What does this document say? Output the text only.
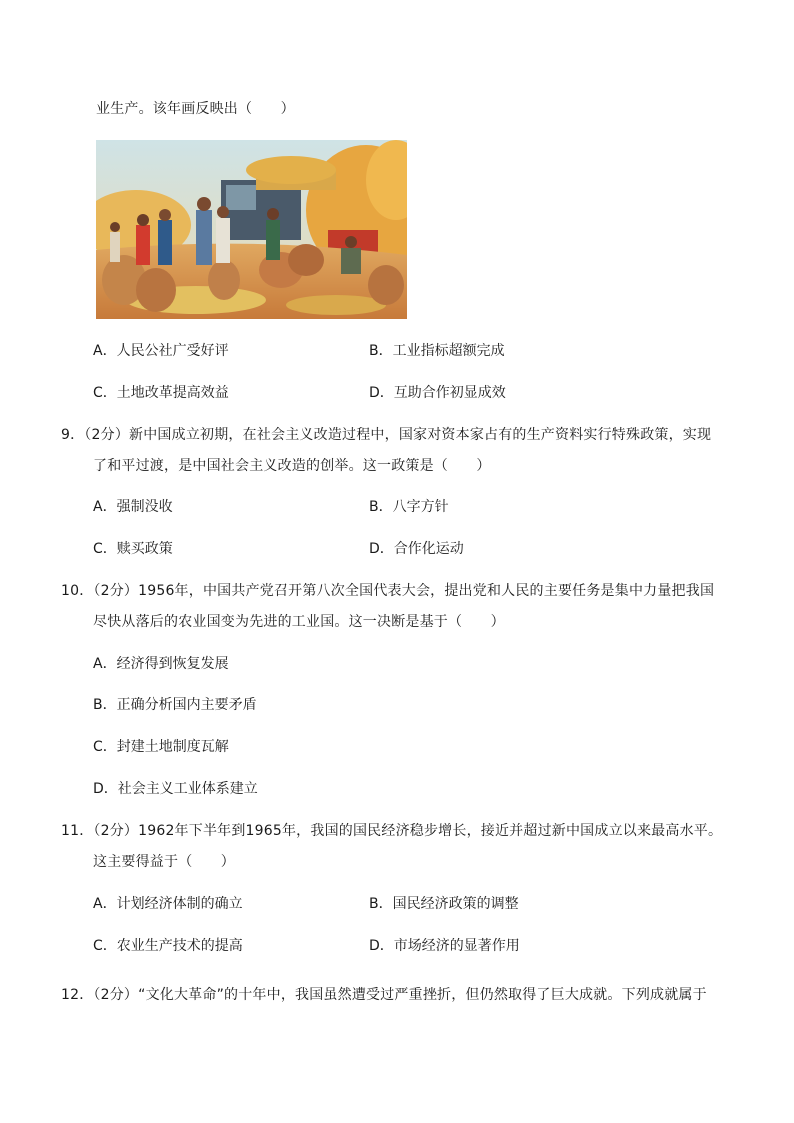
业生产。该年画反映出（　　）
A．人民公社广受好评	B．工业指标超额完成
C．土地改革提高效益	D．互助合作初显成效
9．（2分）新中国成立初期，在社会主义改造过程中，国家对资本家占有的生产资料实行特殊政策，实现
了和平过渡，是中国社会主义改造的创举。这一政策是（　　）
A．强制没收	B．八字方针
C．赎买政策	D．合作化运动
10．（2分）1956年，中国共产党召开第八次全国代表大会，提出党和人民的主要任务是集中力量把我国
尽快从落后的农业国变为先进的工业国。这一决断是基于（　　）
A．经济得到恢复发展
B．正确分析国内主要矛盾
C．封建土地制度瓦解
D．社会主义工业体系建立
11．（2分）1962年下半年到1965年，我国的国民经济稳步增长，接近并超过新中国成立以来最高水平。
这主要得益于（　　）
A．计划经济体制的确立	B．国民经济政策的调整
C．农业生产技术的提高	D．市场经济的显著作用
12．（2分）“文化大革命”的十年中，我国虽然遭受过严重挫折，但仍然取得了巨大成就。下列成就属于
